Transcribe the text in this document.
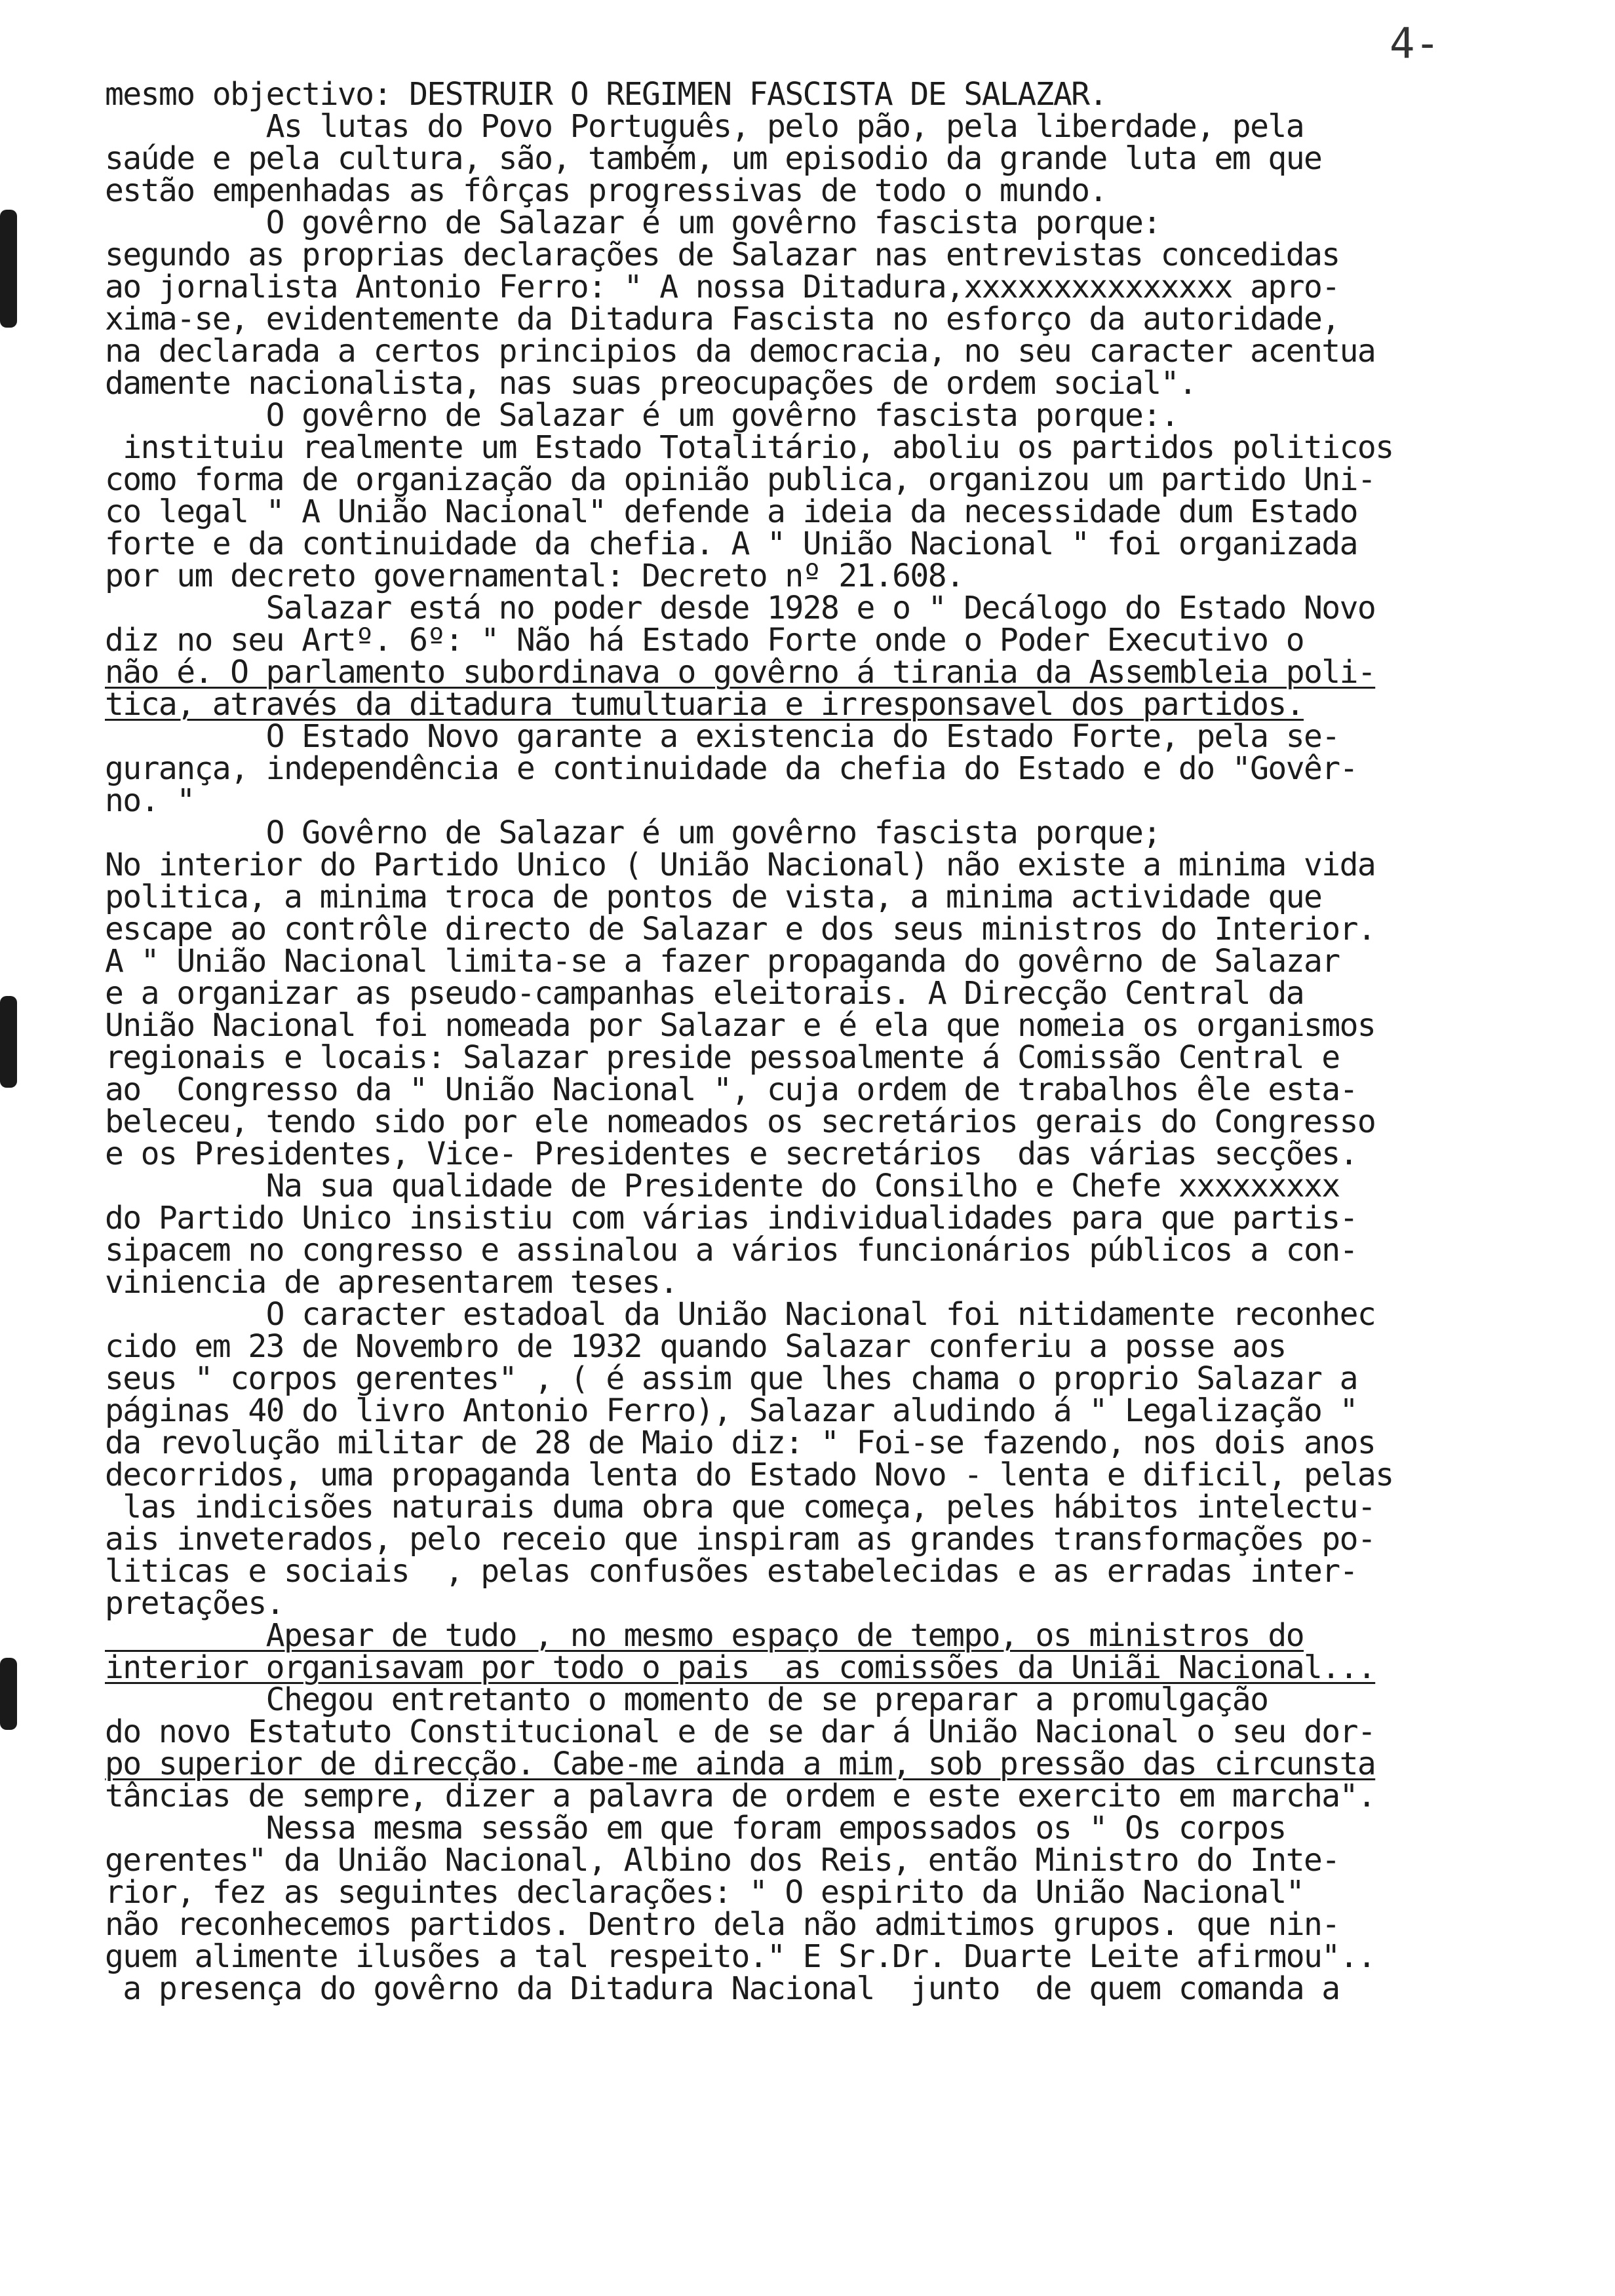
4-
mesmo objectivo: DESTRUIR O REGIMEN FASCISTA DE SALAZAR.
As lutas do Povo Português, pelo pão, pela liberdade, pela
saúde e pela cultura, são, também, um episodio da grande luta em que
estão empenhadas as fôrças progressivas de todo o mundo.
O govêrno de Salazar é um govêrno fascista porque:
segundo as proprias declarações de Salazar nas entrevistas concedidas
ao jornalista Antonio Ferro: " A nossa Ditadura,xxxxxxxxxxxxxxx apro-
xima-se, evidentemente da Ditadura Fascista no esforço da autoridade,
na declarada a certos principios da democracia, no seu caracter acentua
damente nacionalista, nas suas preocupações de ordem social".
O govêrno de Salazar é um govêrno fascista porque:.
instituiu realmente um Estado Totalitário, aboliu os partidos politicos
como forma de organização da opinião publica, organizou um partido Uni-
co legal " A União Nacional" defende a ideia da necessidade dum Estado
forte e da continuidade da chefia. A " União Nacional " foi organizada
por um decreto governamental: Decreto nº 21.608.
Salazar está no poder desde 1928 e o " Decálogo do Estado Novo
diz no seu Artº. 6º: " Não há Estado Forte onde o Poder Executivo o
não é. O parlamento subordinava o govêrno á tirania da Assembleia poli-
tica, através da ditadura tumultuaria e irresponsavel dos partidos.
O Estado Novo garante a existencia do Estado Forte, pela se-
gurança, independência e continuidade da chefia do Estado e do "Govêr-
no. "
O Govêrno de Salazar é um govêrno fascista porque;
No interior do Partido Unico ( União Nacional) não existe a minima vida
politica, a minima troca de pontos de vista, a minima actividade que
escape ao contrôle directo de Salazar e dos seus ministros do Interior.
A " União Nacional limita-se a fazer propaganda do govêrno de Salazar
e a organizar as pseudo-campanhas eleitorais. A Direcção Central da
União Nacional foi nomeada por Salazar e é ela que nomeia os organismos
regionais e locais: Salazar preside pessoalmente á Comissão Central e
ao  Congresso da " União Nacional ", cuja ordem de trabalhos êle esta-
beleceu, tendo sido por ele nomeados os secretários gerais do Congresso
e os Presidentes, Vice- Presidentes e secretários  das várias secções.
Na sua qualidade de Presidente do Consilho e Chefe xxxxxxxxx
do Partido Unico insistiu com várias individualidades para que partis-
sipacem no congresso e assinalou a vários funcionários públicos a con-
viniencia de apresentarem teses.
O caracter estadoal da União Nacional foi nitidamente reconhec
cido em 23 de Novembro de 1932 quando Salazar conferiu a posse aos
seus " corpos gerentes" , ( é assim que lhes chama o proprio Salazar a
páginas 40 do livro Antonio Ferro), Salazar aludindo á " Legalização "
da revolução militar de 28 de Maio diz: " Foi-se fazendo, nos dois anos
decorridos, uma propaganda lenta do Estado Novo - lenta e dificil, pelas
las indicisões naturais duma obra que começa, peles hábitos intelectu-
ais inveterados, pelo receio que inspiram as grandes transformações po-
liticas e sociais  , pelas confusões estabelecidas e as erradas inter-
pretações.
Apesar de tudo , no mesmo espaço de tempo, os ministros do
interior organisavam por todo o pais  as comissões da Uniãi Nacional...
Chegou entretanto o momento de se preparar a promulgação
do novo Estatuto Constitucional e de se dar á União Nacional o seu dor-
po superior de direcção. Cabe-me ainda a mim, sob pressão das circunsta
tâncias de sempre, dizer a palavra de ordem e este exercito em marcha".
Nessa mesma sessão em que foram empossados os " Os corpos
gerentes" da União Nacional, Albino dos Reis, então Ministro do Inte-
rior, fez as seguintes declarações: " O espirito da União Nacional"
não reconhecemos partidos. Dentro dela não admitimos grupos. que nin-
guem alimente ilusões a tal respeito." E Sr.Dr. Duarte Leite afirmou"..
a presença do govêrno da Ditadura Nacional  junto  de quem comanda a
